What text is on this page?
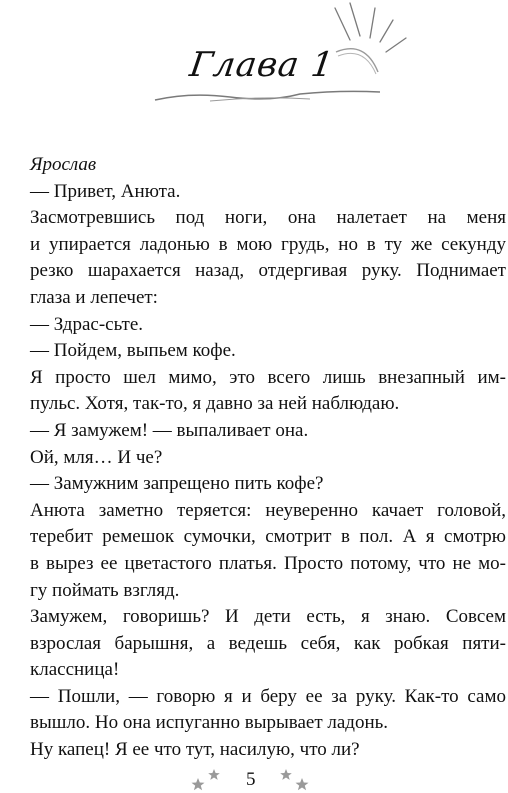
Глава 1
Ярослав
— Привет, Анюта.
Засмотревшись под ноги, она налетает на меня
и упирается ладонью в мою грудь, но в ту же секунду
резко шарахается назад, отдергивая руку. Поднимает
глаза и лепечет:
— Здрас-сьте.
— Пойдем, выпьем кофе.
Я просто шел мимо, это всего лишь внезапный им-
пульс. Хотя, так-то, я давно за ней наблюдаю.
— Я замужем! — выпаливает она.
Ой, мля… И че?
— Замужним запрещено пить кофе?
Анюта заметно теряется: неуверенно качает головой,
теребит ремешок сумочки, смотрит в пол. А я смотрю
в вырез ее цветастого платья. Просто потому, что не мо-
гу поймать взгляд.
Замужем, говоришь? И дети есть, я знаю. Совсем
взрослая барышня, а ведешь себя, как робкая пяти-
классница!
— Пошли, — говорю я и беру ее за руку. Как-то само
вышло. Но она испуганно вырывает ладонь.
Ну капец! Я ее что тут, насилую, что ли?
5
